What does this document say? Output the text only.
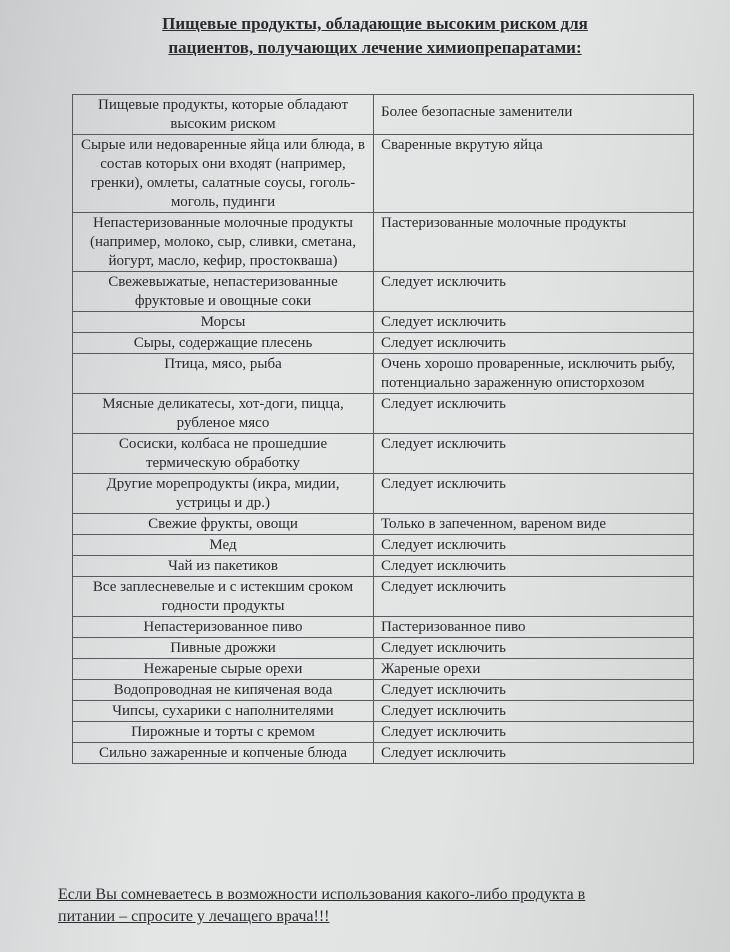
Пищевые продукты, обладающие высоким риском для
пациентов, получающих лечение химиопрепаратами:
Пищевые продукты, которые обладают высоким риском	Более безопасные заменители
Сырые или недоваренные яйца или блюда, в состав которых они входят (например, гренки), омлеты, салатные соусы, гоголь-моголь, пудинги	Сваренные вкрутую яйца
Непастеризованные молочные продукты (например, молоко, сыр, сливки, сметана, йогурт, масло, кефир, простокваша)	Пастеризованные молочные продукты
Свежевыжатые, непастеризованные фруктовые и овощные соки	Следует исключить
Морсы	Следует исключить
Сыры, содержащие плесень	Следует исключить
Птица, мясо, рыба	Очень хорошо проваренные, исключить рыбу, потенциально зараженную описторхозом
Мясные деликатесы, хот-доги, пицца, рубленое мясо	Следует исключить
Сосиски, колбаса не прошедшие термическую обработку	Следует исключить
Другие морепродукты (икра, мидии, устрицы и др.)	Следует исключить
Свежие фрукты, овощи	Только в запеченном, вареном виде
Мед	Следует исключить
Чай из пакетиков	Следует исключить
Все заплесневелые и с истекшим сроком годности продукты	Следует исключить
Непастеризованное пиво	Пастеризованное пиво
Пивные дрожжи	Следует исключить
Нежареные сырые орехи	Жареные орехи
Водопроводная не кипяченая вода	Следует исключить
Чипсы, сухарики с наполнителями	Следует исключить
Пирожные и торты с кремом	Следует исключить
Сильно зажаренные и копченые блюда	Следует исключить
Если Вы сомневаетесь в возможности использования какого-либо продукта в
питании – спросите у лечащего врача!!!
